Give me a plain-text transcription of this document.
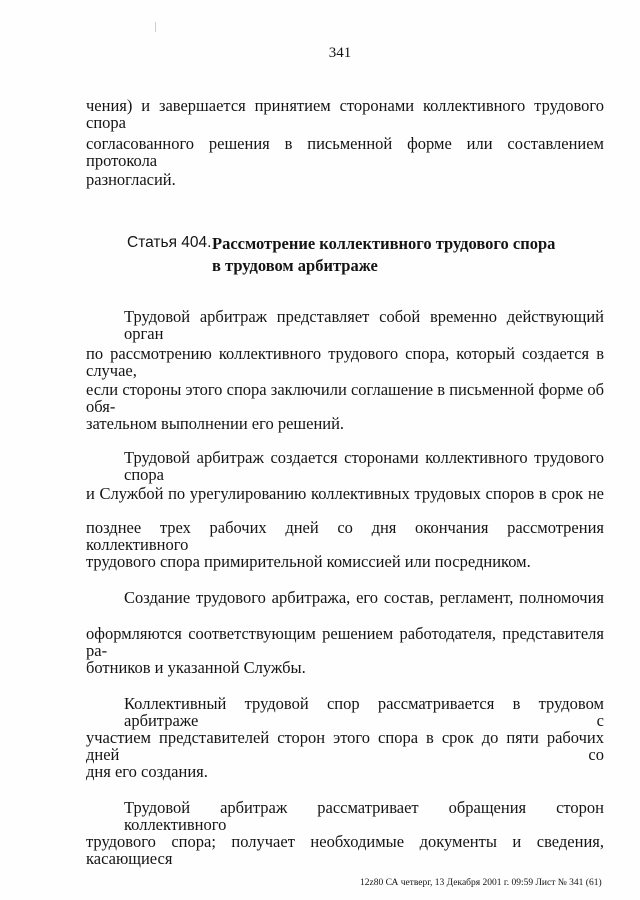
341
чения) и завершается принятием сторонами коллективного трудового спора
согласованного решения в письменной форме или составлением протокола
разногласий.
Статья 404. Рассмотрение коллективного трудового спора
в трудовом арбитраже
Трудовой арбитраж представляет собой временно действующий орган
по рассмотрению коллективного трудового спора, который создается в случае,
если стороны этого спора заключили соглашение в письменной форме об обя-
зательном выполнении его решений.
Трудовой арбитраж создается сторонами коллективного трудового спора
и Службой по урегулированию коллективных трудовых споров в срок не
позднее трех рабочих дней со дня окончания рассмотрения коллективного
трудового спора примирительной комиссией или посредником.
Создание трудового арбитража, его состав, регламент, полномочия
оформляются соответствующим решением работодателя, представителя ра-
ботников и указанной Службы.
Коллективный трудовой спор рассматривается в трудовом арбитраже с
участием представителей сторон этого спора в срок до пяти рабочих дней со
дня его создания.
Трудовой арбитраж рассматривает обращения сторон коллективного
трудового спора; получает необходимые документы и сведения, касающиеся
12z80 СА четверг, 13 Декабря 2001 г. 09:59 Лист № 341 (61)
